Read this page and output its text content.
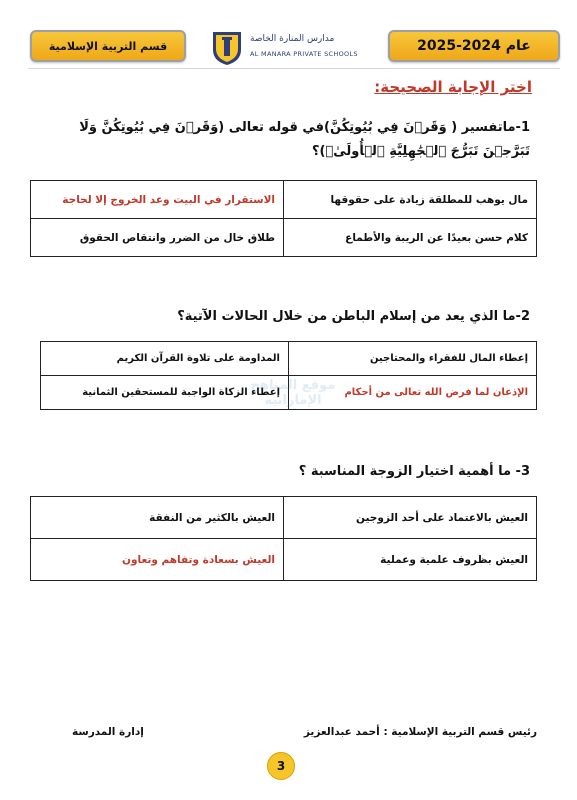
عام 2024-2025
مدارس المنارة الخاصة
AL MANARA PRIVATE SCHOOLS
قسم التربية الإسلامية
اختر الإجابة الصحيحة:
1-ماتفسير ( وَقَرۡنَ فِي بُيُوتِكُنَّ)في قوله تعالى (وَقَرۡنَ فِي بُيُوتِكُنَّ وَلَا تَبَرَّجۡنَ تَبَرُّجَ ٱلۡجَٰهِلِيَّةِ ٱلۡأُولَىٰۖ)؟
مال يوهب للمطلقة زيادة على حقوقها	الاستقرار في البيت وعد الخروج إلا لحاجة
كلام حسن بعيدًا عن الريبة والأطماع	طلاق خال من الضرر وانتقاص الحقوق
2-ما الذي يعد من إسلام الباطن من خلال الحالات الآتية؟
إعطاء المال للفقراء والمحتاجين	المداومة على تلاوة القرآن الكريم
الإذعان لما فرض الله تعالى من أحكام	إعطاء الزكاة الواجبة للمستحقين الثمانية
موقع المناهج الإماراتية
3- ما أهمية اختيار الزوجة المناسبة ؟
العيش بالاعتماد على أحد الزوجين	العيش بالكثير من النفقة
العيش بظروف علمية وعملية	العيش بسعادة وتفاهم وتعاون
رئيس قسم التربية الإسلامية : أحمد عبدالعزيز
إدارة المدرسة
3
